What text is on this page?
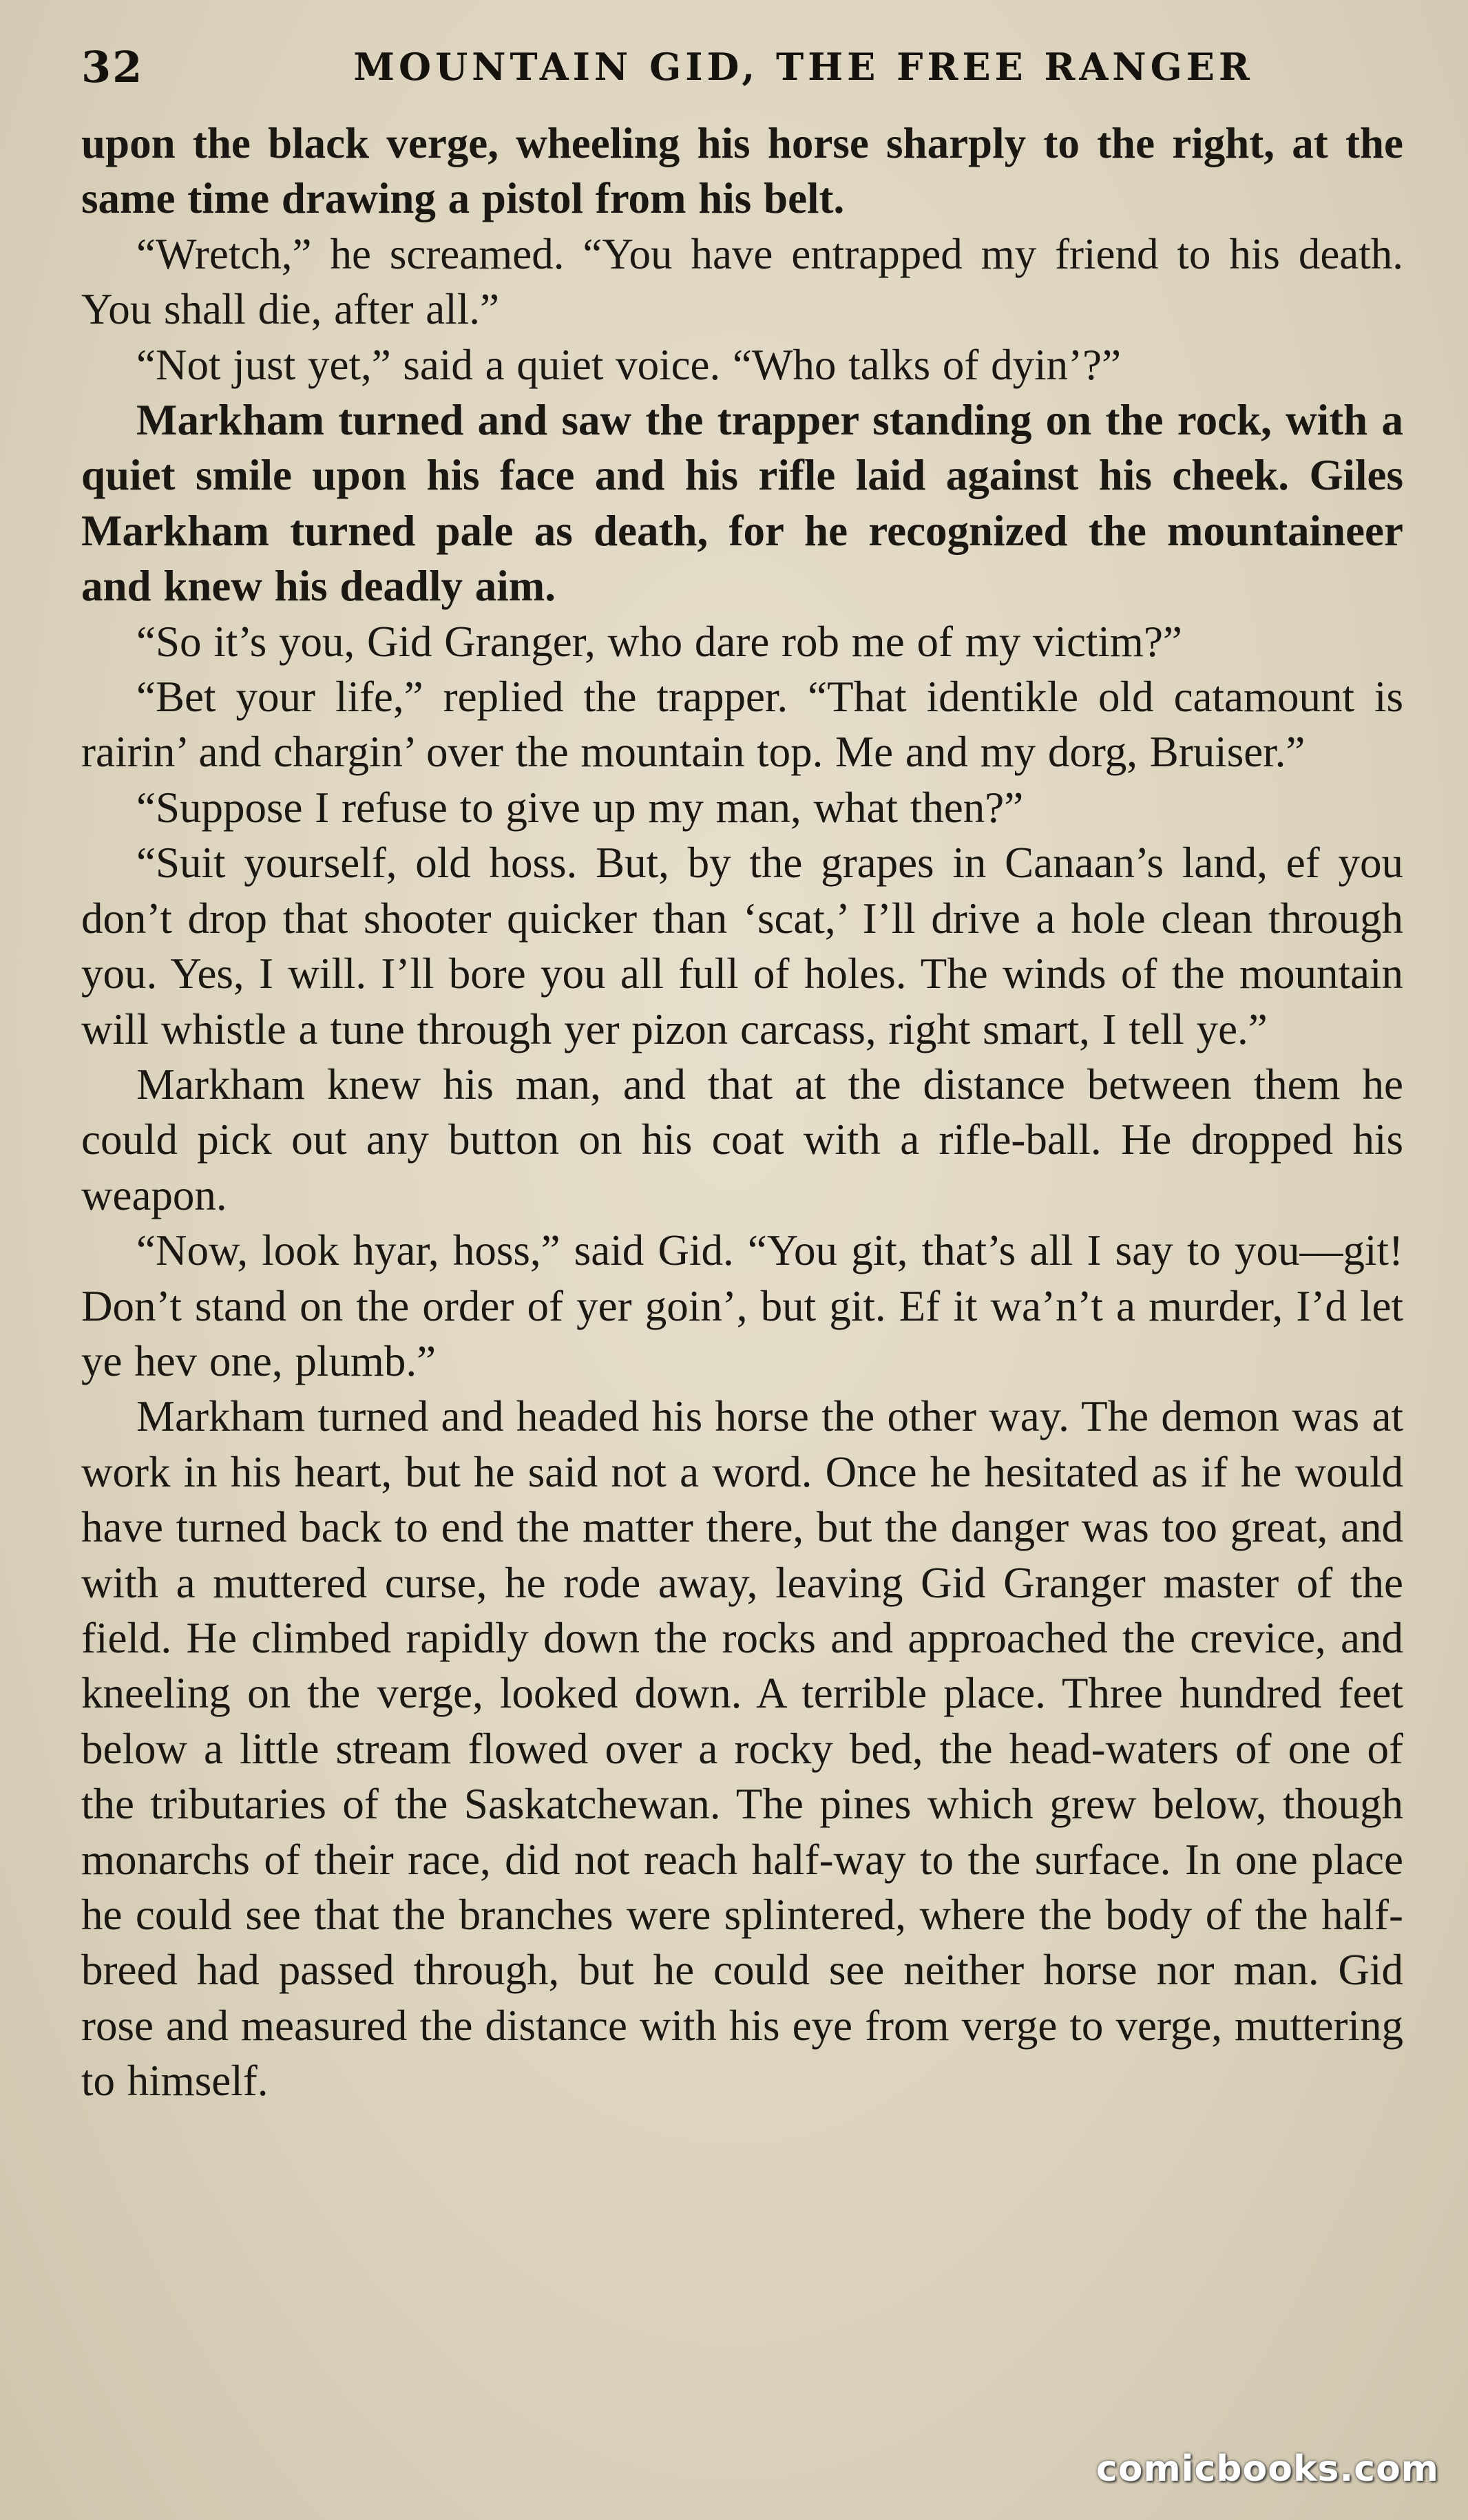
32	MOUNTAIN GID, THE FREE RANGER

upon the black verge, wheeling his horse sharply to the right, at the same time drawing a pistol from his belt.

“Wretch,” he screamed. “You have entrapped my friend to his death. You shall die, after all.”

“Not just yet,” said a quiet voice. “Who talks of dyin’?”

Markham turned and saw the trapper standing on the rock, with a quiet smile upon his face and his rifle laid against his cheek. Giles Markham turned pale as death, for he recognized the mountaineer and knew his deadly aim.

“So it’s you, Gid Granger, who dare rob me of my victim?”

“Bet your life,” replied the trapper. “That identikle old catamount is rairin’ and chargin’ over the mountain top. Me and my dorg, Bruiser.”

“Suppose I refuse to give up my man, what then?”

“Suit yourself, old hoss. But, by the grapes in Canaan’s land, ef you don’t drop that shooter quicker than ‘scat,’ I’ll drive a hole clean through you. Yes, I will. I’ll bore you all full of holes. The winds of the mountain will whistle a tune through yer pizon carcass, right smart, I tell ye.”

Markham knew his man, and that at the distance between them he could pick out any button on his coat with a rifle-ball. He dropped his weapon.

“Now, look hyar, hoss,” said Gid. “You git, that’s all I say to you—git! Don’t stand on the order of yer goin’, but git. Ef it wa’n’t a murder, I’d let ye hev one, plumb.”

Markham turned and headed his horse the other way. The demon was at work in his heart, but he said not a word. Once he hesitated as if he would have turned back to end the matter there, but the danger was too great, and with a muttered curse, he rode away, leaving Gid Granger master of the field. He climbed rapidly down the rocks and approached the crevice, and kneeling on the verge, looked down. A terrible place. Three hundred feet below a little stream flowed over a rocky bed, the head-waters of one of the tributaries of the Saskatchewan. The pines which grew below, though monarchs of their race, did not reach half-way to the surface. In one place he could see that the branches were splintered, where the body of the half-breed had passed through, but he could see neither horse nor man. Gid rose and measured the distance with his eye from verge to verge, muttering to himself.

comicbooks.com
